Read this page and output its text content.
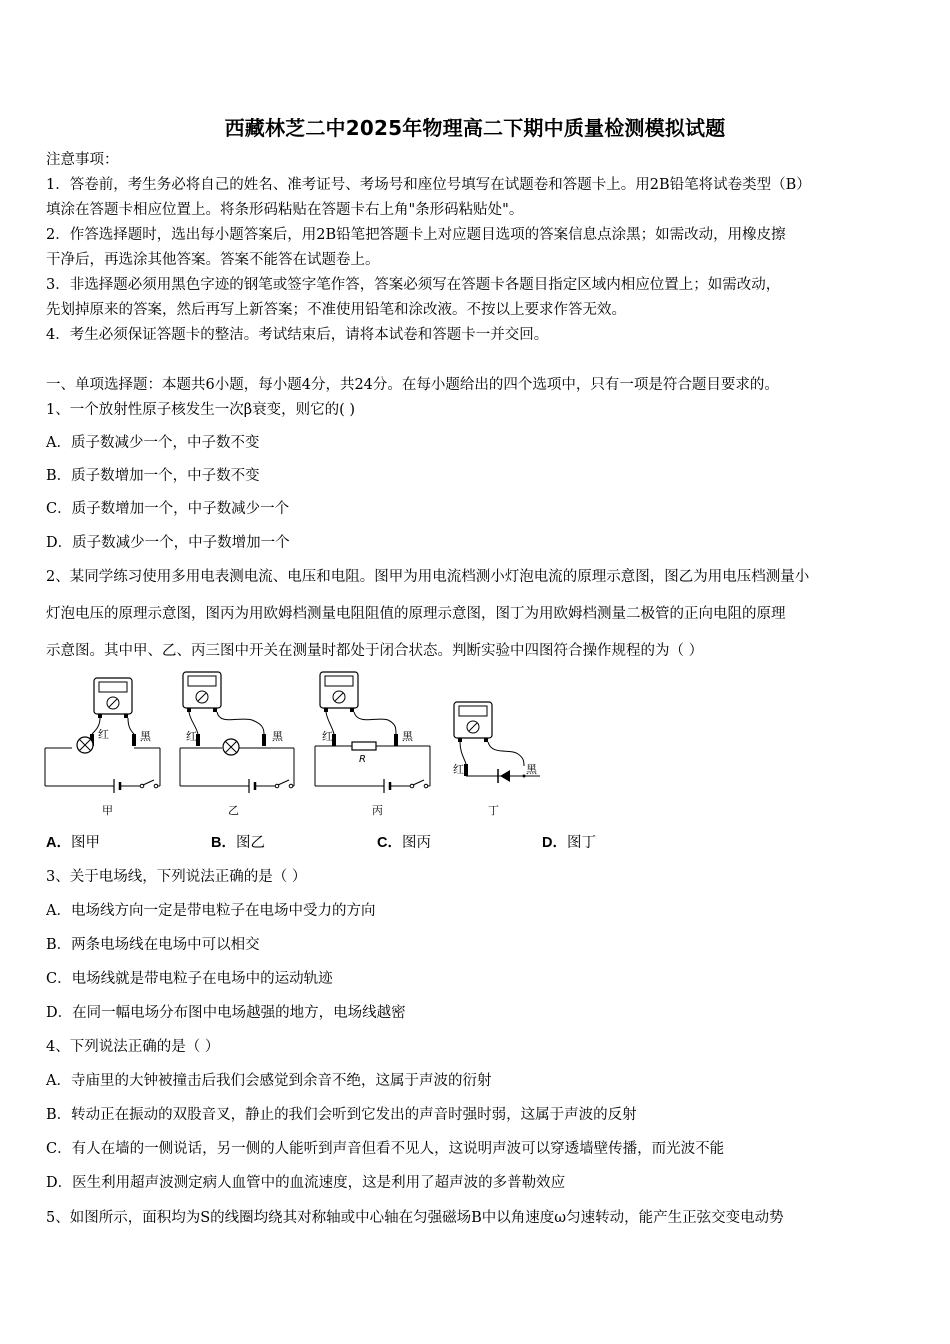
西藏林芝二中2025年物理高二下期中质量检测模拟试题
注意事项：
1．答卷前，考生务必将自己的姓名、准考证号、考场号和座位号填写在试题卷和答题卡上。用2B铅笔将试卷类型（B）
填涂在答题卡相应位置上。将条形码粘贴在答题卡右上角"条形码粘贴处"。
2．作答选择题时，选出每小题答案后，用2B铅笔把答题卡上对应题目选项的答案信息点涂黑；如需改动，用橡皮擦
干净后，再选涂其他答案。答案不能答在试题卷上。
3．非选择题必须用黑色字迹的钢笔或签字笔作答，答案必须写在答题卡各题目指定区域内相应位置上；如需改动，
先划掉原来的答案，然后再写上新答案；不准使用铅笔和涂改液。不按以上要求作答无效。
4．考生必须保证答题卡的整洁。考试结束后，请将本试卷和答题卡一并交回。
一、单项选择题：本题共6小题，每小题4分，共24分。在每小题给出的四个选项中，只有一项是符合题目要求的。
1、一个放射性原子核发生一次β衰变，则它的( )
A．质子数减少一个，中子数不变
B．质子数增加一个，中子数不变
C．质子数增加一个，中子数减少一个
D．质子数减少一个，中子数增加一个
2、某同学练习使用多用电表测电流、电压和电阻。图甲为用电流档测小灯泡电流的原理示意图，图乙为用电压档测量小
灯泡电压的原理示意图，图丙为用欧姆档测量电阻阻值的原理示意图，图丁为用欧姆档测量二极管的正向电阻的原理
示意图。其中甲、乙、丙三图中开关在测量时都处于闭合状态。判断实验中四图符合操作规程的为（ ）
红	黑
甲
红	黑
乙
红	黑
R
丙
红	黑
丁
A．图甲	B．图乙	C．图丙	D．图丁
3、关于电场线，下列说法正确的是（ ）
A．电场线方向一定是带电粒子在电场中受力的方向
B．两条电场线在电场中可以相交
C．电场线就是带电粒子在电场中的运动轨迹
D．在同一幅电场分布图中电场越强的地方，电场线越密
4、下列说法正确的是（ ）
A．寺庙里的大钟被撞击后我们会感觉到余音不绝，这属于声波的衍射
B．转动正在振动的双股音叉，静止的我们会听到它发出的声音时强时弱，这属于声波的反射
C．有人在墙的一侧说话，另一侧的人能听到声音但看不见人，这说明声波可以穿透墙壁传播，而光波不能
D．医生利用超声波测定病人血管中的血流速度，这是利用了超声波的多普勒效应
5、如图所示，面积均为S的线圈均绕其对称轴或中心轴在匀强磁场B中以角速度ω匀速转动，能产生正弦交变电动势
